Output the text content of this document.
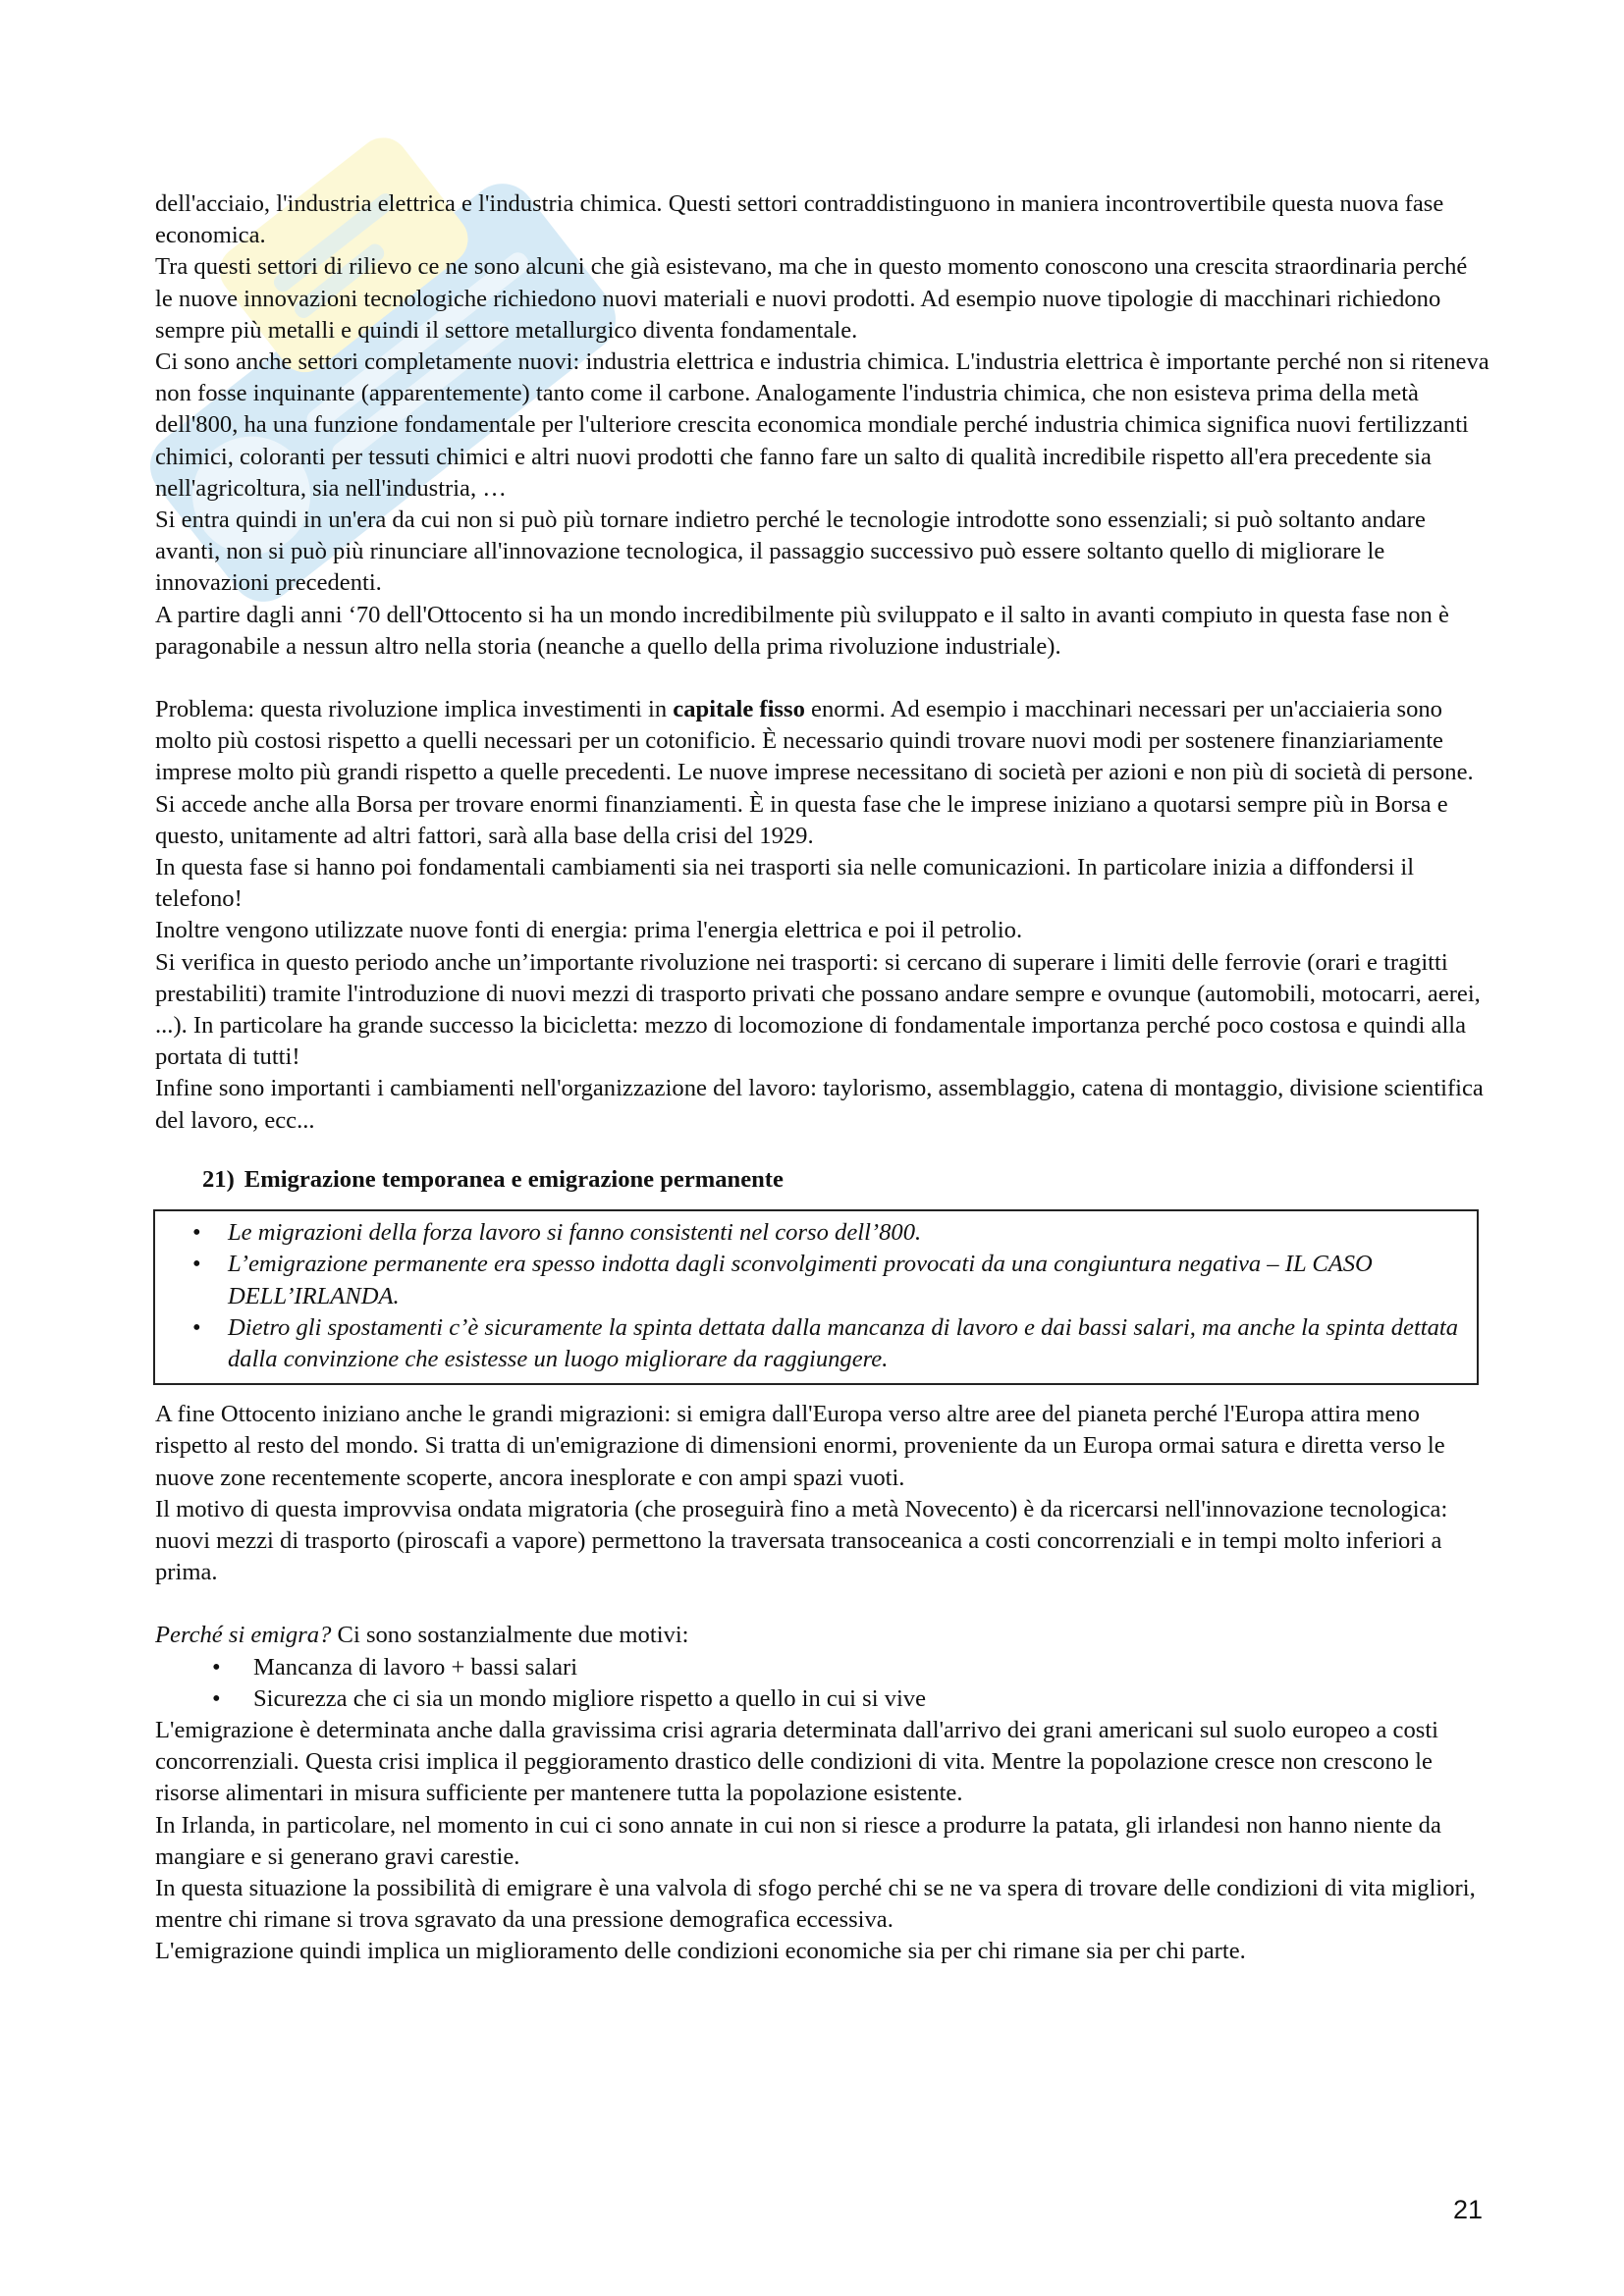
dell'acciaio, l'industria elettrica e l'industria chimica. Questi settori contraddistinguono in maniera incontrovertibile questa nuova fase economica.

Tra questi settori di rilievo ce ne sono alcuni che già esistevano, ma che in questo momento conoscono una crescita straordinaria perché le nuove innovazioni tecnologiche richiedono nuovi materiali e nuovi prodotti. Ad esempio nuove tipologie di macchinari richiedono sempre più metalli e quindi il settore metallurgico diventa fondamentale.

Ci sono anche settori completamente nuovi: industria elettrica e industria chimica. L'industria elettrica è importante perché non si riteneva non fosse inquinante (apparentemente) tanto come il carbone. Analogamente l'industria chimica, che non esisteva prima della metà dell'800, ha una funzione fondamentale per l'ulteriore crescita economica mondiale perché industria chimica significa nuovi fertilizzanti chimici, coloranti per tessuti chimici e altri nuovi prodotti che fanno fare un salto di qualità incredibile rispetto all'era precedente sia nell'agricoltura, sia nell'industria, …

Si entra quindi in un'era da cui non si può più tornare indietro perché le tecnologie introdotte sono essenziali; si può soltanto andare avanti, non si può più rinunciare all'innovazione tecnologica, il passaggio successivo può essere soltanto quello di migliorare le innovazioni precedenti.

A partire dagli anni ‘70 dell'Ottocento si ha un mondo incredibilmente più sviluppato e il salto in avanti compiuto in questa fase non è paragonabile a nessun altro nella storia (neanche a quello della prima rivoluzione industriale).

Problema: questa rivoluzione implica investimenti in capitale fisso enormi. Ad esempio i macchinari necessari per un'acciaieria sono molto più costosi rispetto a quelli necessari per un cotonificio. È necessario quindi trovare nuovi modi per sostenere finanziariamente imprese molto più grandi rispetto a quelle precedenti. Le nuove imprese necessitano di società per azioni e non più di società di persone.

Si accede anche alla Borsa per trovare enormi finanziamenti. È in questa fase che le imprese iniziano a quotarsi sempre più in Borsa e questo, unitamente ad altri fattori, sarà alla base della crisi del 1929.

In questa fase si hanno poi fondamentali cambiamenti sia nei trasporti sia nelle comunicazioni. In particolare inizia a diffondersi il telefono!

Inoltre vengono utilizzate nuove fonti di energia: prima l'energia elettrica e poi il petrolio.

Si verifica in questo periodo anche un’importante rivoluzione nei trasporti: si cercano di superare i limiti delle ferrovie (orari e tragitti prestabiliti) tramite l'introduzione di nuovi mezzi di trasporto privati che possano andare sempre e ovunque (automobili, motocarri, aerei, ...). In particolare ha grande successo la bicicletta: mezzo di locomozione di fondamentale importanza perché poco costosa e quindi alla portata di tutti!

Infine sono importanti i cambiamenti nell'organizzazione del lavoro: taylorismo, assemblaggio, catena di montaggio, divisione scientifica del lavoro, ecc...

21) Emigrazione temporanea e emigrazione permanente

• Le migrazioni della forza lavoro si fanno consistenti nel corso dell’800.
• L’emigrazione permanente era spesso indotta dagli sconvolgimenti provocati da una congiuntura negativa – IL CASO DELL’IRLANDA.
• Dietro gli spostamenti c’è sicuramente la spinta dettata dalla mancanza di lavoro e dai bassi salari, ma anche la spinta dettata dalla convinzione che esistesse un luogo migliorare da raggiungere.

A fine Ottocento iniziano anche le grandi migrazioni: si emigra dall'Europa verso altre aree del pianeta perché l'Europa attira meno rispetto al resto del mondo. Si tratta di un'emigrazione di dimensioni enormi, proveniente da un Europa ormai satura e diretta verso le nuove zone recentemente scoperte, ancora inesplorate e con ampi spazi vuoti.

Il motivo di questa improvvisa ondata migratoria (che proseguirà fino a metà Novecento) è da ricercarsi nell'innovazione tecnologica: nuovi mezzi di trasporto (piroscafi a vapore) permettono la traversata transoceanica a costi concorrenziali e in tempi molto inferiori a prima.

Perché si emigra? Ci sono sostanzialmente due motivi:

• Mancanza di lavoro + bassi salari
• Sicurezza che ci sia un mondo migliore rispetto a quello in cui si vive

L'emigrazione è determinata anche dalla gravissima crisi agraria determinata dall'arrivo dei grani americani sul suolo europeo a costi concorrenziali. Questa crisi implica il peggioramento drastico delle condizioni di vita. Mentre la popolazione cresce non crescono le risorse alimentari in misura sufficiente per mantenere tutta la popolazione esistente.

In Irlanda, in particolare, nel momento in cui ci sono annate in cui non si riesce a produrre la patata, gli irlandesi non hanno niente da mangiare e si generano gravi carestie.

In questa situazione la possibilità di emigrare è una valvola di sfogo perché chi se ne va spera di trovare delle condizioni di vita migliori, mentre chi rimane si trova sgravato da una pressione demografica eccessiva.

L'emigrazione quindi implica un miglioramento delle condizioni economiche sia per chi rimane sia per chi parte.

21
